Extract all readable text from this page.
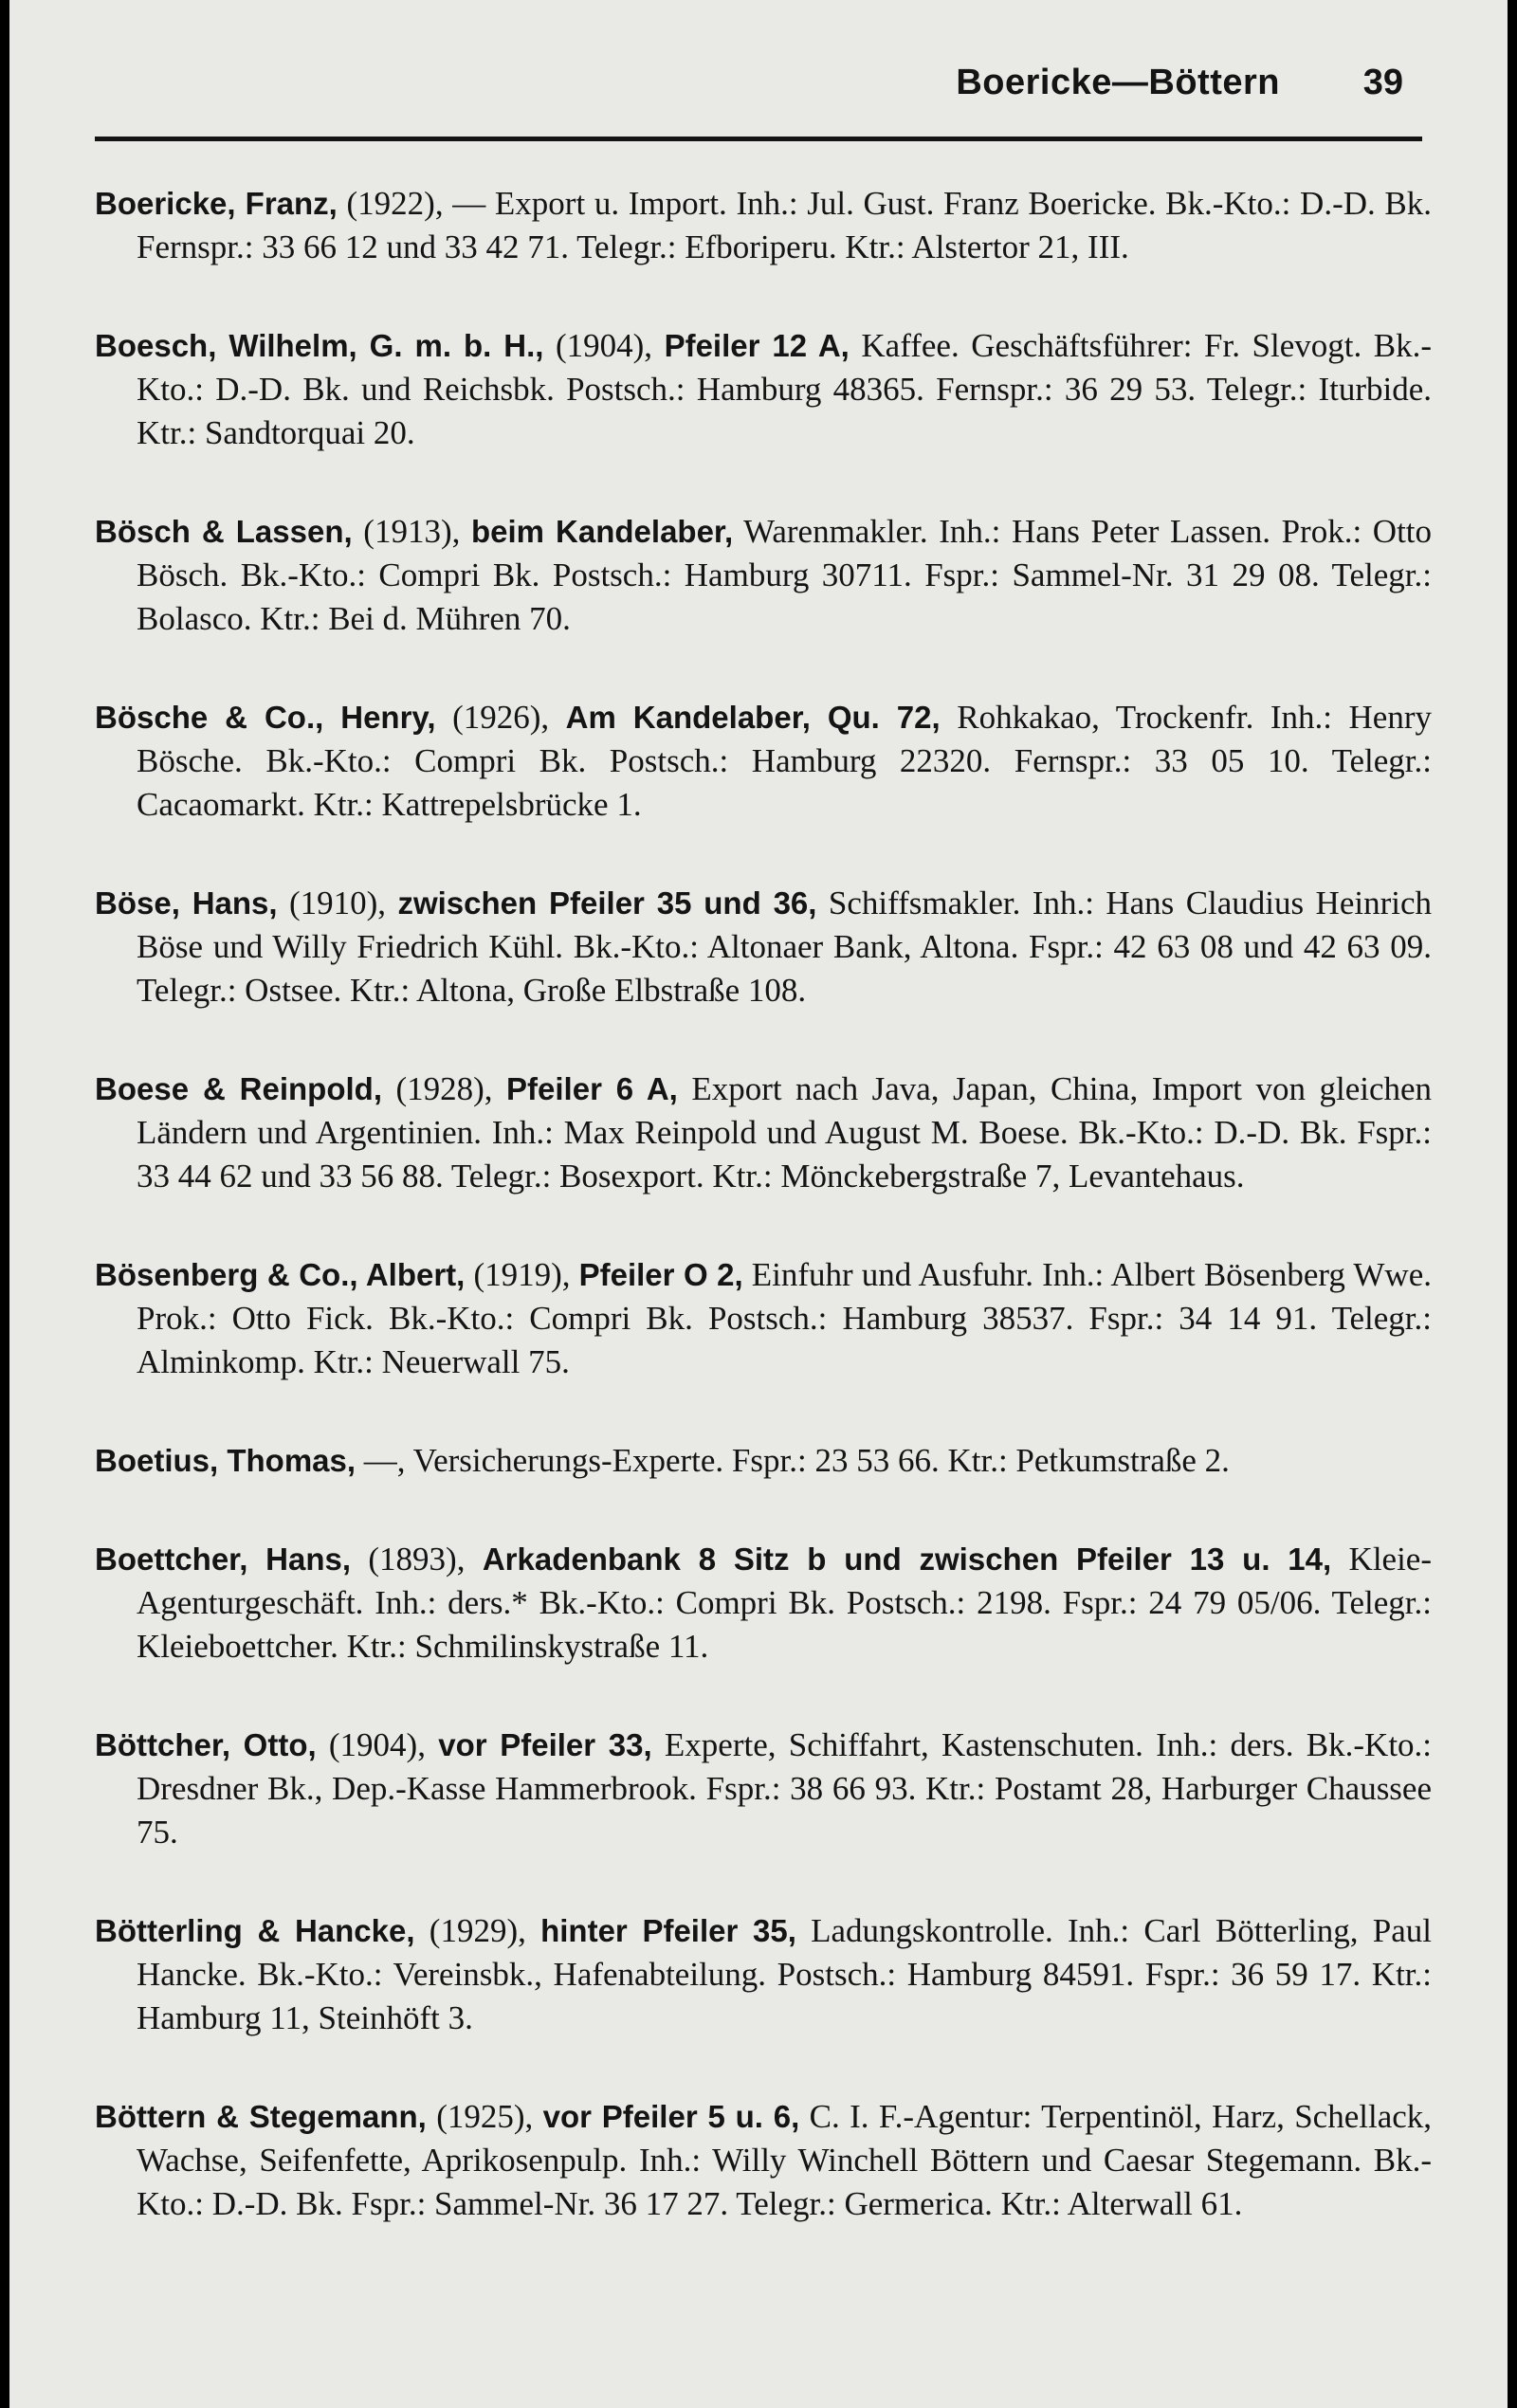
Boericke—Böttern 39

Boericke, Franz, (1922), — Export u. Import. Inh.: Jul. Gust. Franz Boericke. Bk.-Kto.: D.-D. Bk. Fernspr.: 33 66 12 und 33 42 71. Telegr.: Efboriperu. Ktr.: Alstertor 21, III.

Boesch, Wilhelm, G. m. b. H., (1904), Pfeiler 12 A, Kaffee. Geschäftsführer: Fr. Slevogt. Bk.-Kto.: D.-D. Bk. und Reichsbk. Postsch.: Hamburg 48365. Fernspr.: 36 29 53. Telegr.: Iturbide. Ktr.: Sandtorquai 20.

Bösch & Lassen, (1913), beim Kandelaber, Warenmakler. Inh.: Hans Peter Lassen. Prok.: Otto Bösch. Bk.-Kto.: Compri Bk. Postsch.: Hamburg 30711. Fspr.: Sammel-Nr. 31 29 08. Telegr.: Bolasco. Ktr.: Bei d. Mühren 70.

Bösche & Co., Henry, (1926), Am Kandelaber, Qu. 72, Rohkakao, Trockenfr. Inh.: Henry Bösche. Bk.-Kto.: Compri Bk. Postsch.: Hamburg 22320. Fernspr.: 33 05 10. Telegr.: Cacaomarkt. Ktr.: Kattrepelsbrücke 1.

Böse, Hans, (1910), zwischen Pfeiler 35 und 36, Schiffsmakler. Inh.: Hans Claudius Heinrich Böse und Willy Friedrich Kühl. Bk.-Kto.: Altonaer Bank, Altona. Fspr.: 42 63 08 und 42 63 09. Telegr.: Ostsee. Ktr.: Altona, Große Elbstraße 108.

Boese & Reinpold, (1928), Pfeiler 6 A, Export nach Java, Japan, China, Import von gleichen Ländern und Argentinien. Inh.: Max Reinpold und August M. Boese. Bk.-Kto.: D.-D. Bk. Fspr.: 33 44 62 und 33 56 88. Telegr.: Bosexport. Ktr.: Mönckebergstraße 7, Levantehaus.

Bösenberg & Co., Albert, (1919), Pfeiler O 2, Einfuhr und Ausfuhr. Inh.: Albert Bösenberg Wwe. Prok.: Otto Fick. Bk.-Kto.: Compri Bk. Postsch.: Hamburg 38537. Fspr.: 34 14 91. Telegr.: Alminkomp. Ktr.: Neuerwall 75.

Boetius, Thomas, —, Versicherungs-Experte. Fspr.: 23 53 66. Ktr.: Petkumstraße 2.

Boettcher, Hans, (1893), Arkadenbank 8 Sitz b und zwischen Pfeiler 13 u. 14, Kleie-Agenturgeschäft. Inh.: ders.* Bk.-Kto.: Compri Bk. Postsch.: 2198. Fspr.: 24 79 05/06. Telegr.: Kleieboettcher. Ktr.: Schmilinskystraße 11.

Böttcher, Otto, (1904), vor Pfeiler 33, Experte, Schiffahrt, Kastenschuten. Inh.: ders. Bk.-Kto.: Dresdner Bk., Dep.-Kasse Hammerbrook. Fspr.: 38 66 93. Ktr.: Postamt 28, Harburger Chaussee 75.

Bötterling & Hancke, (1929), hinter Pfeiler 35, Ladungskontrolle. Inh.: Carl Bötterling, Paul Hancke. Bk.-Kto.: Vereinsbk., Hafenabteilung. Postsch.: Hamburg 84591. Fspr.: 36 59 17. Ktr.: Hamburg 11, Steinhöft 3.

Böttern & Stegemann, (1925), vor Pfeiler 5 u. 6, C. I. F.-Agentur: Terpentinöl, Harz, Schellack, Wachse, Seifenfette, Aprikosenpulp. Inh.: Willy Winchell Böttern und Caesar Stegemann. Bk.-Kto.: D.-D. Bk. Fspr.: Sammel-Nr. 36 17 27. Telegr.: Germerica. Ktr.: Alterwall 61.
